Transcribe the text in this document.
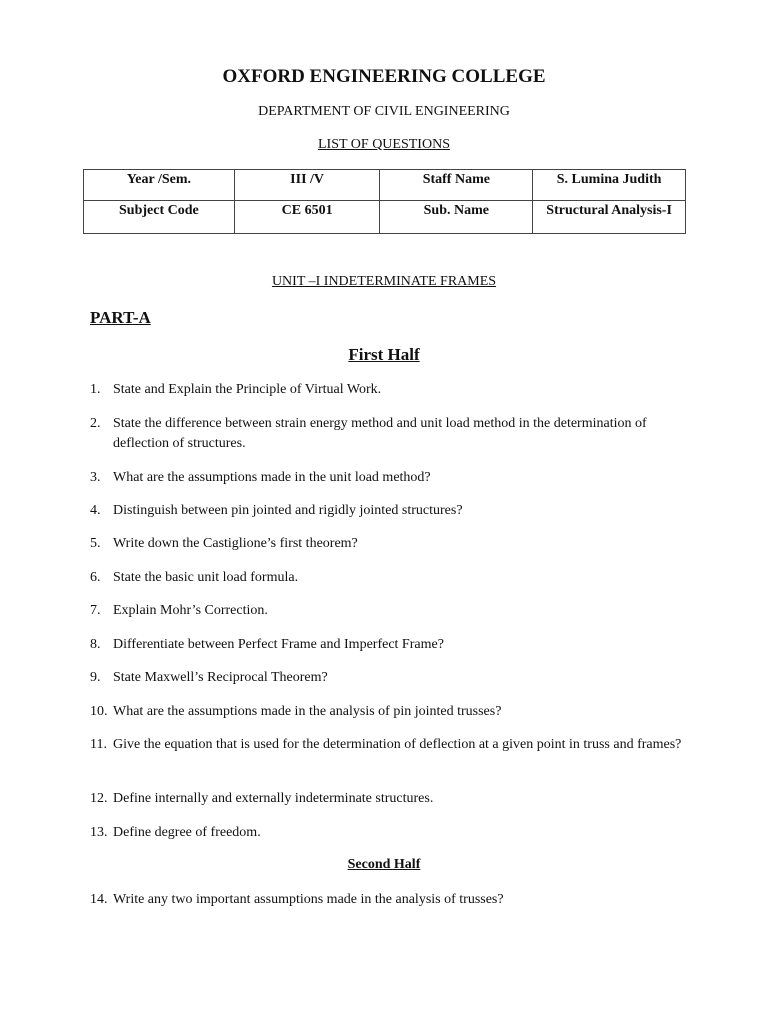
OXFORD ENGINEERING COLLEGE
DEPARTMENT OF CIVIL ENGINEERING
LIST OF QUESTIONS
Year /Sem.	III /V	Staff Name	S. Lumina Judith
Subject Code	CE 6501	Sub. Name	Structural Analysis-I
UNIT –I INDETERMINATE FRAMES
PART-A
First Half
1. State and Explain the Principle of Virtual Work.
2. State the difference between strain energy method and unit load method in the determination of deflection of structures.
3. What are the assumptions made in the unit load method?
4. Distinguish between pin jointed and rigidly jointed structures?
5. Write down the Castiglione’s first theorem?
6. State the basic unit load formula.
7. Explain Mohr’s Correction.
8. Differentiate between Perfect Frame and Imperfect Frame?
9. State Maxwell’s Reciprocal Theorem?
10. What are the assumptions made in the analysis of pin jointed trusses?
11. Give the equation that is used for the determination of deflection at a given point in truss and frames?
12. Define internally and externally indeterminate structures.
13. Define degree of freedom.
Second Half
14. Write any two important assumptions made in the analysis of trusses?
